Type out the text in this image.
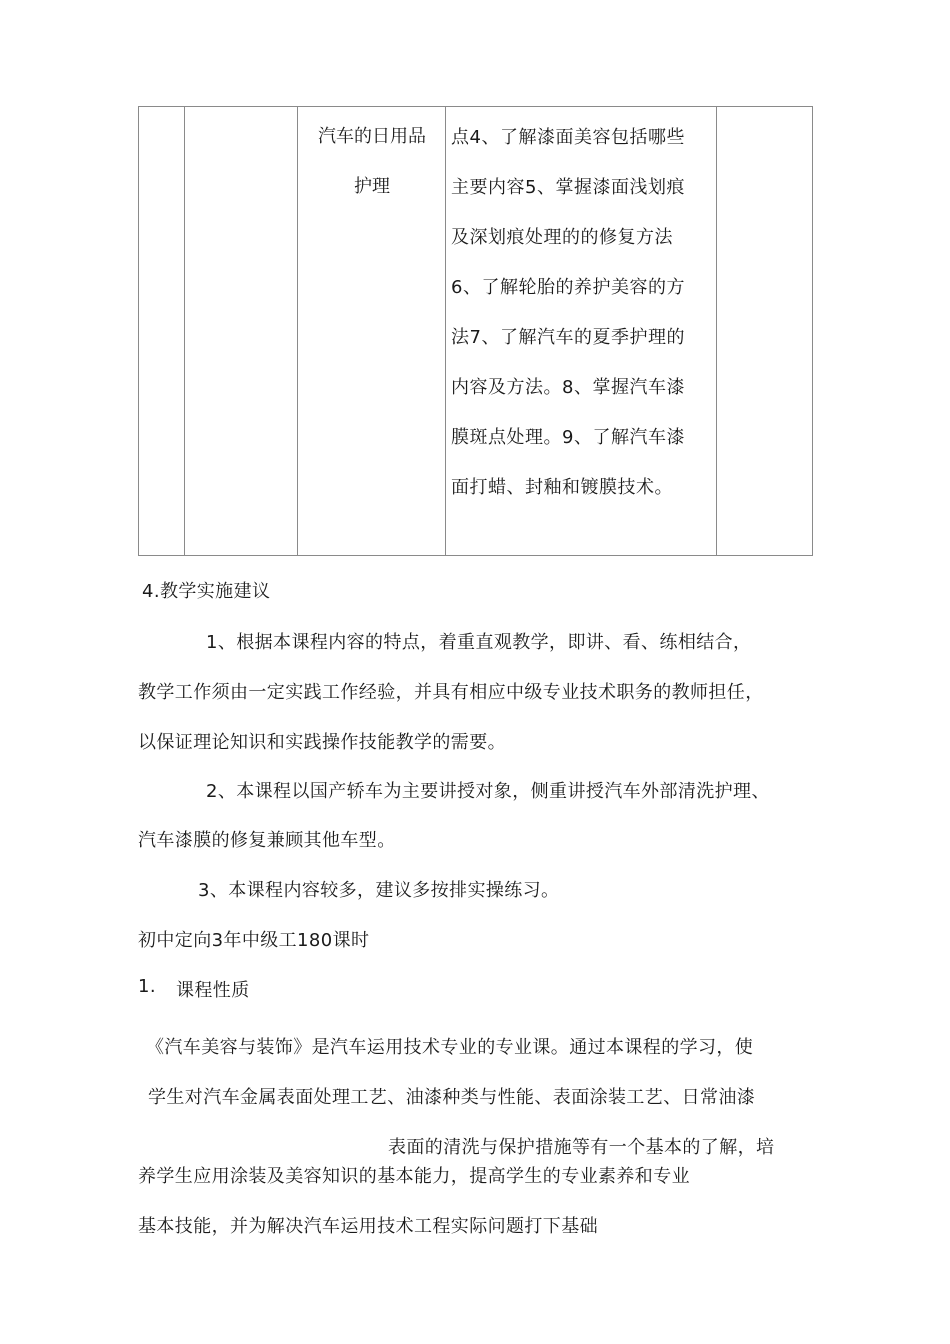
汽车的日用品
护理
点4、了解漆面美容包括哪些
主要内容5、掌握漆面浅划痕
及深划痕处理的的修复方法
6、了解轮胎的养护美容的方
法7、了解汽车的夏季护理的
内容及方法。8、掌握汽车漆
膜斑点处理。9、了解汽车漆
面打蜡、封釉和镀膜技术。
4.教学实施建议
1、根据本课程内容的特点，着重直观教学，即讲、看、练相结合，
教学工作须由一定实践工作经验，并具有相应中级专业技术职务的教师担任，
以保证理论知识和实践操作技能教学的需要。
2、本课程以国产轿车为主要讲授对象，侧重讲授汽车外部清洗护理、
汽车漆膜的修复兼顾其他车型。
3、本课程内容较多，建议多按排实操练习。
初中定向3年中级工180课时
1. 课程性质
《汽车美容与装饰》是汽车运用技术专业的专业课。通过本课程的学习，使
学生对汽车金属表面处理工艺、油漆种类与性能、表面涂装工艺、日常油漆
表面的清洗与保护措施等有一个基本的了解，培
养学生应用涂装及美容知识的基本能力，提高学生的专业素养和专业
基本技能，并为解决汽车运用技术工程实际问题打下基础
